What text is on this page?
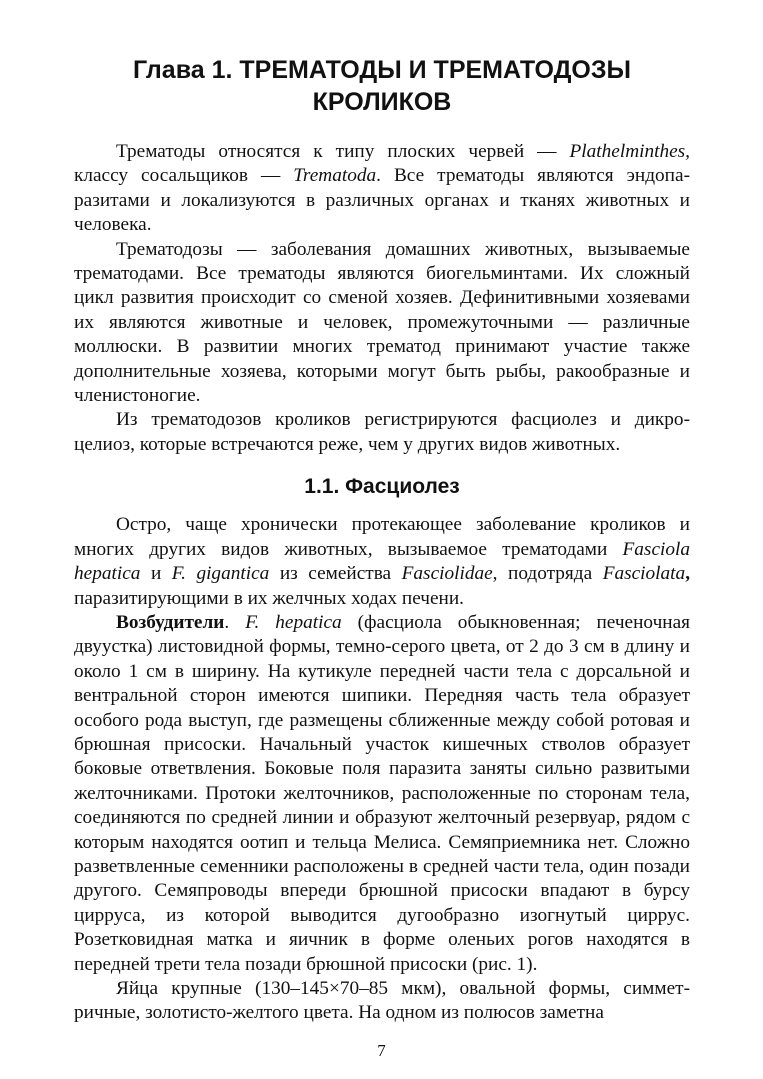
Глава 1. ТРЕМАТОДЫ И ТРЕМАТОДОЗЫ
КРОЛИКОВ

Трематоды относятся к типу плоских червей — Plathelminthes, классу сосальщиков — Trematoda. Все трематоды являются эндопаразитами и локализуются в различных органах и тканях животных и человека.

Трематодозы — заболевания домашних животных, вызываемые трематодами. Все трематоды являются биогельминтами. Их сложный цикл развития происходит со сменой хозяев. Дефинитивными хозяевами их являются животные и человек, промежуточными — различные моллюски. В развитии многих трематод принимают участие также дополнительные хозяева, которыми могут быть рыбы, ракообразные и членистоногие.

Из трематодозов кроликов регистрируются фасциолез и дикроцелиоз, которые встречаются реже, чем у других видов животных.

1.1. Фасциолез

Остро, чаще хронически протекающее заболевание кроликов и многих других видов животных, вызываемое трематодами Fasciola hepatica и F. gigantica из семейства Fasciolidae, подотряда Fasciolata, паразитирующими в их желчных ходах печени.

Возбудители. F. hepatica (фасциола обыкновенная; печеночная двуустка) листовидной формы, темно-серого цвета, от 2 до 3 см в длину и около 1 см в ширину. На кутикуле передней части тела с дорсальной и вентральной сторон имеются шипики. Передняя часть тела образует особого рода выступ, где размещены сближенные между собой ротовая и брюшная присоски. Начальный участок кишечных стволов образует боковые ответвления. Боковые поля паразита заняты сильно развитыми желточниками. Протоки желточников, расположенные по сторонам тела, соединяются по средней линии и образуют желточный резервуар, рядом с которым находятся оотип и тельца Мелиса. Семяприемника нет. Сложно разветвленные семенники расположены в средней части тела, один позади другого. Семяпроводы впереди брюшной присоски впадают в бурсу цирруса, из которой выводится дугообразно изогнутый циррус. Розетковидная матка и яичник в форме оленьих рогов находятся в передней трети тела позади брюшной присоски (рис. 1).

Яйца крупные (130–145×70–85 мкм), овальной формы, симметричные, золотисто-желтого цвета. На одном из полюсов заметна

7
